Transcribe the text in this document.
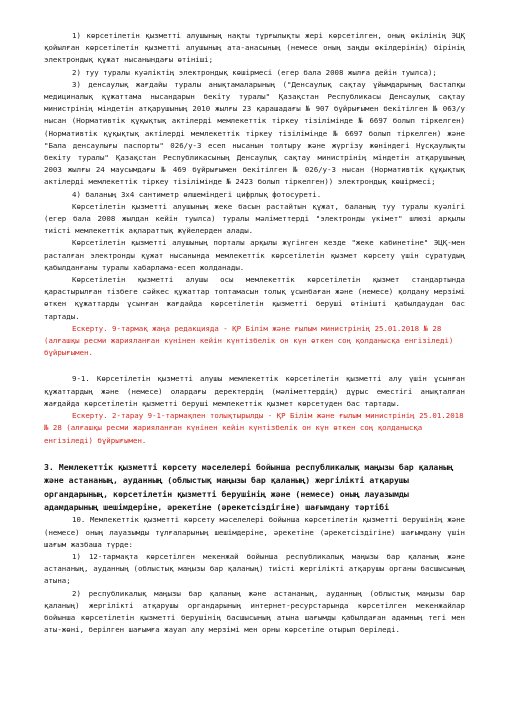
1) көрсетілетін қызметті алушының нақты тұрғылықты жері көрсетілген, оның өкілінің ЭЦҚ қойылған көрсетілетін қызметті алушының ата-анасының (немесе оның заңды өкілдерінің) бірінің электрондық құжат нысанындағы өтініші;

2) туу туралы куәліктің электрондық көшірмесі (егер бала 2008 жылға дейін туылса);

3) денсаулық жағдайы туралы анықтамаларының ("Денсаулық сақтау ұйымдарының бастапқы медициналық құжаттама нысандарын бекіту туралы" Қазақстан Республикасы Денсаулық сақтау министрінің міндетін атқарушының 2010 жылғы 23 қарашадағы № 907 бұйрығымен бекітілген № 063/у нысан (Нормативтік құқықтық актілерді мемлекеттік тіркеу тізілімінде № 6697 болып тіркелген) (Нормативтік құқықтық актілерді мемлекеттік тіркеу тізілімінде № 6697 болып тіркелген) және "Бала денсаулығы паспорты" 026/у-3 есеп нысанын толтыру және жүргізу жөніндегі Нұсқаулықты бекіту туралы" Қазақстан Республикасының Денсаулық сақтау министрінің міндетін атқарушының 2003 жылғы 24 маусымдағы № 469 бұйрығымен бекітілген № 026/у-3 нысан (Нормативтік құқықтық актілерді мемлекеттік тіркеу тізілімінде № 2423 болып тіркелген)) электрондық көшірмесі;

4) баланың 3х4 сантиметр өлшеміндегі цифрлық фотосуреті.

Көрсетілетін қызметті алушының жеке басын растайтын құжат, баланың туу туралы куәлігі (егер бала 2008 жылдан кейін туылса) туралы мәліметтерді "электронды үкімет" шлюзі арқылы тиісті мемлекеттік ақпараттық жүйелерден алады.

Көрсетілетін қызметті алушының порталы арқылы жүгінген кезде "жеке кабинетіне" ЭЦҚ-мен расталған электронды құжат нысанында мемлекеттік көрсетілетін қызмет көрсету үшін сұратудың қабылданғаны туралы хабарлама-есеп жолданады.

Көрсетілетін қызметті алушы осы мемлекеттік көрсетілетін қызмет стандартында қарастырылған тізбеге сәйкес құжаттар топтамасын толық ұсынбаған және (немесе) қолдану мерзімі өткен құжаттарды ұсынған жағдайда көрсетілетін қызметті беруші өтінішті қабылдаудан бас тартады.

Ескерту. 9-тармақ жаңа редакцияда - ҚР Білім және ғылым министрінің 25.01.2018 № 28 (алғашқы ресми жарияланған күнінен кейін күнтізбелік он күн өткен соң қолданысқа енгізіледі) бұйрығымен.

9-1. Көрсетілетін қызметті алушы мемлекеттік көрсетілетін қызметті алу үшін ұсынған құжаттардың және (немесе) олардағы деректердің (мәліметтердің) дұрыс еместігі анықталған жағдайда көрсетілетін қызметті беруші мемлекеттік қызмет көрсетуден бас тартады.

Ескерту. 2-тарау 9-1-тармақпен толықтырылды - ҚР Білім және ғылым министрінің 25.01.2018 № 28 (алғашқы ресми жарияланған күнінен кейін күнтізбелік он күн өткен соң қолданысқа енгізіледі) бұйрығымен.

3. Мемлекеттік қызметті көрсету мәселелері бойынша республикалық маңызы бар қаланың және астананың, ауданның (облыстық маңызы бар қаланың) жергілікті атқарушы органдарының, көрсетілетін қызметті берушінің және (немесе) оның лауазымды адамдарының шешімдеріне, әрекетіне (әрекетсіздігіне) шағымдану тәртібі

10. Мемлекеттік қызметті көрсету мәселелері бойынша көрсетілетін қызметті берушінің және (немесе) оның лауазымды тұлғаларының шешімдеріне, әрекетіне (әрекетсіздігіне) шағымдану үшін шағым жазбаша түрде:

1) 12-тармақта көрсетілген мекенжай бойынша республикалық маңызы бар қаланың және астананың, ауданның (облыстық маңызы бар қаланың) тиісті жергілікті атқарушы органы басшысының атына;

2) республикалық маңызы бар қаланың және астананың, ауданның (облыстық маңызы бар қаланың) жергілікті атқарушы органдарының интернет-ресурстарында көрсетілген мекенжайлар бойынша көрсетілетін қызметті берушінің басшысының атына шағымды қабылдаған адамның тегі мен аты-жөні, берілген шағымға жауап алу мерзімі мен орны көрсетіле отырып беріледі.
